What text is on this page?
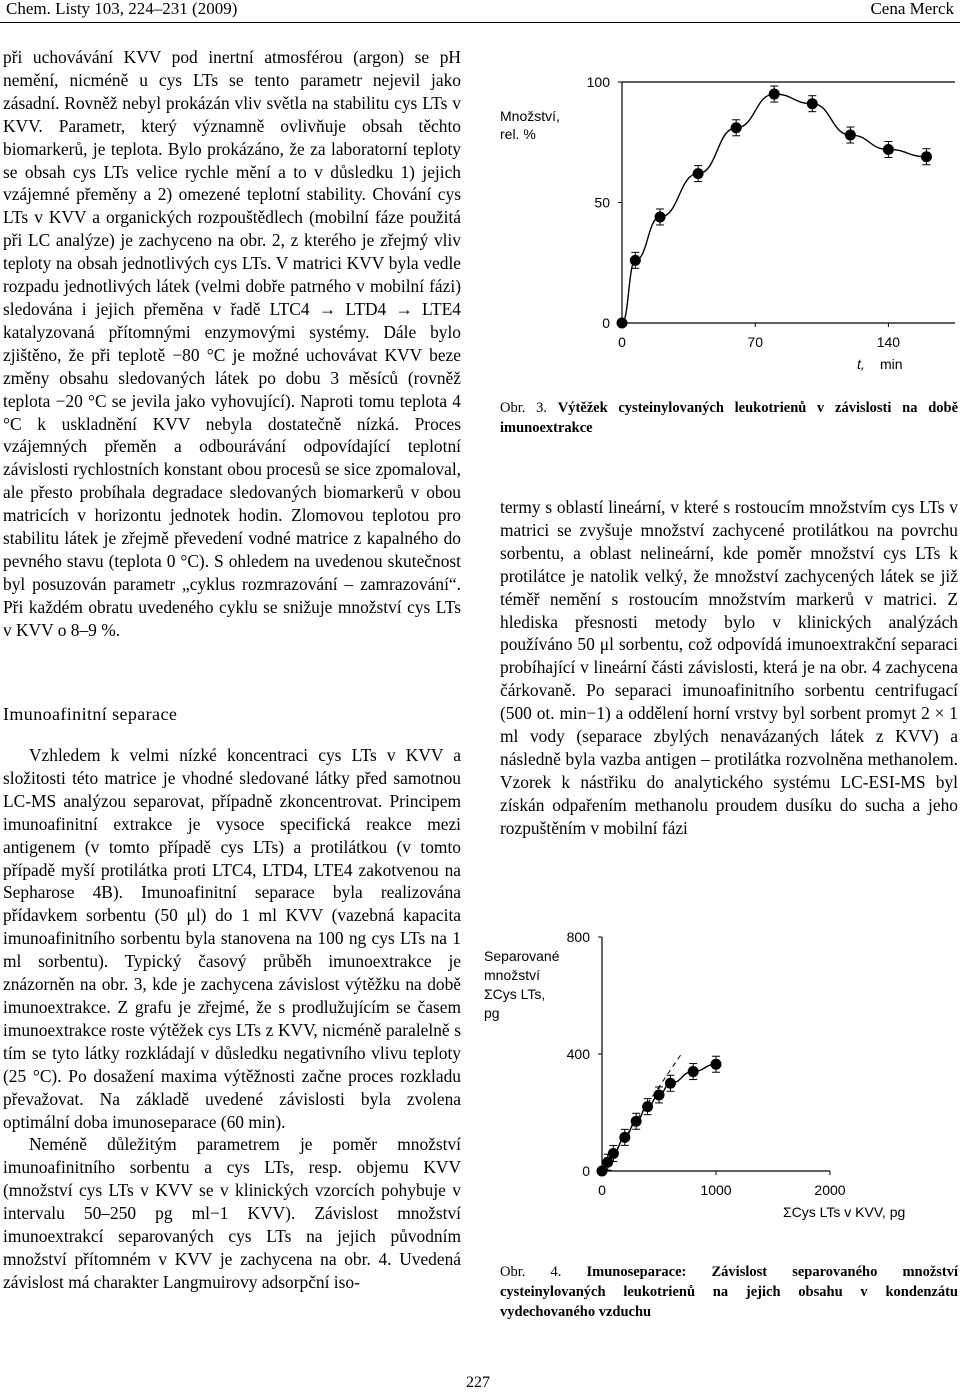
Chem. Listy 103, 224–231 (2009)	Cena Merck

při uchovávání KVV pod inertní atmosférou (argon) se pH nemění, nicméně u cys LTs se tento parametr nejevil jako zásadní. Rovněž nebyl prokázán vliv světla na stabilitu cys LTs v KVV. Parametr, který významně ovlivňuje obsah těchto biomarkerů, je teplota. Bylo prokázáno, že za laboratorní teploty se obsah cys LTs velice rychle mění a to v důsledku 1) jejich vzájemné přeměny a 2) omezené teplotní stability. Chování cys LTs v KVV a organických rozpouštědlech (mobilní fáze použitá při LC analýze) je zachyceno na obr. 2, z kterého je zřejmý vliv teploty na obsah jednotlivých cys LTs. V matrici KVV byla vedle rozpadu jednotlivých látek (velmi dobře patrného v mobilní fázi) sledována i jejich přeměna v řadě LTC4 → LTD4 → LTE4 katalyzovaná přítomnými enzymovými systémy. Dále bylo zjištěno, že při teplotě −80 °C je možné uchovávat KVV beze změny obsahu sledovaných látek po dobu 3 měsíců (rovněž teplota −20 °C se jevila jako vyhovující). Naproti tomu teplota 4 °C k uskladnění KVV nebyla dostatečně nízká. Proces vzájemných přeměn a odbourávání odpovídající teplotní závislosti rychlostních konstant obou procesů se sice zpomaloval, ale přesto probíhala degradace sledovaných biomarkerů v obou matricích v horizontu jednotek hodin. Zlomovou teplotou pro stabilitu látek je zřejmě převedení vodné matrice z kapalného do pevného stavu (teplota 0 °C). S ohledem na uvedenou skutečnost byl posuzován parametr „cyklus rozmrazování – zamrazování“. Při každém obratu uvedeného cyklu se snižuje množství cys LTs v KVV o 8–9 %.

Imunoafinitní separace

Vzhledem k velmi nízké koncentraci cys LTs v KVV a složitosti této matrice je vhodné sledované látky před samotnou LC-MS analýzou separovat, případně zkoncentrovat. Principem imunoafinitní extrakce je vysoce specifická reakce mezi antigenem (v tomto případě cys LTs) a protilátkou (v tomto případě myší protilátka proti LTC4, LTD4, LTE4 zakotvenou na Sepharose 4B). Imunoafinitní separace byla realizována přídavkem sorbentu (50 μl) do 1 ml KVV (vazebná kapacita imunoafinitního sorbentu byla stanovena na 100 ng cys LTs na 1 ml sorbentu). Typický časový průběh imunoextrakce je znázorněn na obr. 3, kde je zachycena závislost výtěžku na době imunoextrakce. Z grafu je zřejmé, že s prodlužujícím se časem imunoextrakce roste výtěžek cys LTs z KVV, nicméně paralelně s tím se tyto látky rozkládají v důsledku negativního vlivu teploty (25 °C). Po dosažení maxima výtěžnosti začne proces rozkladu převažovat. Na základě uvedené závislosti byla zvolena optimální doba imunoseparace (60 min).

Neméně důležitým parametrem je poměr množství imunoafinitního sorbentu a cys LTs, resp. objemu KVV (množství cys LTs v KVV se v klinických vzorcích pohybuje v intervalu 50–250 pg ml−1 KVV). Závislost množství imunoextrakcí separovaných cys LTs na jejich původním množství přítomném v KVV je zachycena na obr. 4. Uvedená závislost má charakter Langmuirovy adsorpční iso-

Množství,
rel. %
0
50
100
0	70	140
t, min
Obr. 3. Výtěžek cysteinylovaných leukotrienů v závislosti na době imunoextrakce

termy s oblastí lineární, v které s rostoucím množstvím cys LTs v matrici se zvyšuje množství zachycené protilátkou na povrchu sorbentu, a oblast nelineární, kde poměr množství cys LTs k protilátce je natolik velký, že množství zachycených látek se již téměř nemění s rostoucím množstvím markerů v matrici. Z hlediska přesnosti metody bylo v klinických analýzách používáno 50 μl sorbentu, což odpovídá imunoextrakční separaci probíhající v lineární části závislosti, která je na obr. 4 zachycena čárkovaně. Po separaci imunoafinitního sorbentu centrifugací (500 ot. min−1) a oddělení horní vrstvy byl sorbent promyt 2 × 1 ml vody (separace zbylých nenavázaných látek z KVV) a následně byla vazba antigen – protilátka rozvolněna methanolem. Vzorek k nástřiku do analytického systému LC-ESI-MS byl získán odpařením methanolu proudem dusíku do sucha a jeho rozpuštěním v mobilní fázi

Separované
množství
ΣCys LTs,
pg
0
400
800
0	1000	2000
ΣCys LTs v KVV, pg
Obr. 4. Imunoseparace: Závislost separovaného množství cysteinylovaných leukotrienů na jejich obsahu v kondenzátu vydechovaného vzduchu
227
